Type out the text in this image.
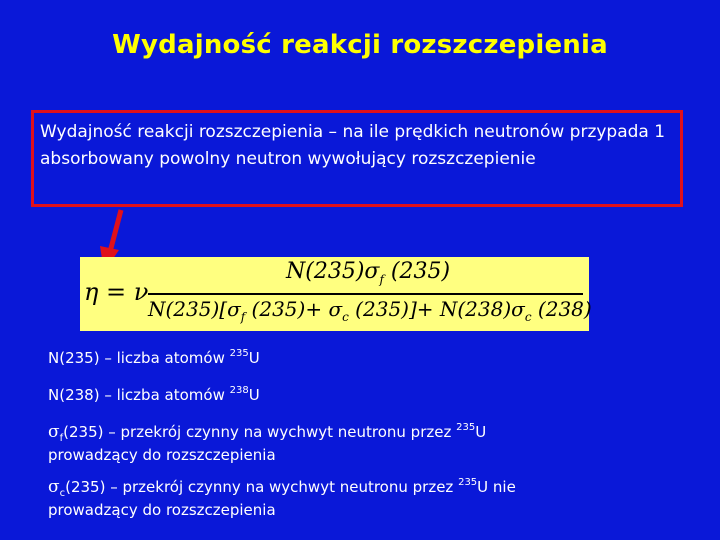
Wydajność reakcji rozszczepienia
Wydajność reakcji rozszczepienia – na ile prędkich neutronów przypada 1 absorbowany powolny neutron wywołujący rozszczepienie
η = ν
$N(235)\sigma_f$ (235)
$N(235)[\sigma_f$ $(235)+ \sigma_c$ $(235)]+ N(238)\sigma_c$ (238)
N(235) – liczba atomów $^{235}$U
N(238) – liczba atomów $^{238}$U
$\sigma_f(235)$ – przekrój czynny na wychwyt neutronu przez $^{235}$U
prowadzący do rozszczepienia
$\sigma_c(235)$ – przekrój czynny na wychwyt neutronu przez $^{235}$U nie
prowadzący do rozszczepienia
